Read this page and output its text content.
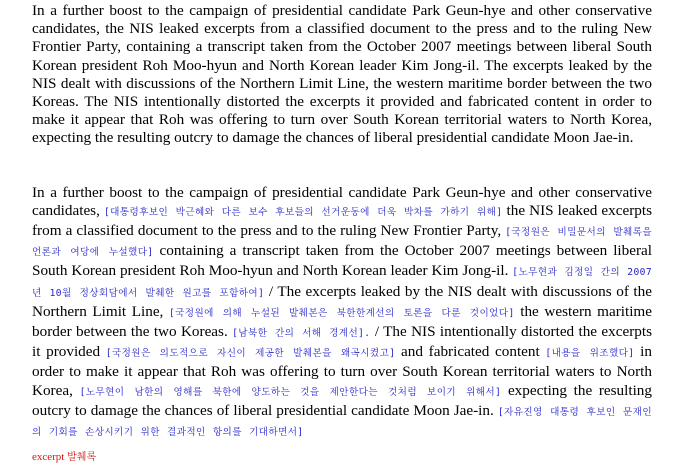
In a further boost to the campaign of presidential candidate Park Geun-hye and other conservative candidates, the NIS leaked excerpts from a classified document to the press and to the ruling New Frontier Party, containing a transcript taken from the October 2007 meetings between liberal South Korean president Roh Moo-hyun and North Korean leader Kim Jong-il. The excerpts leaked by the NIS dealt with discussions of the Northern Limit Line, the western maritime border between the two Koreas. The NIS intentionally distorted the excerpts it provided and fabricated content in order to make it appear that Roh was offering to turn over South Korean territorial waters to North Korea, expecting the resulting outcry to damage the chances of liberal presidential candidate Moon Jae-in.

In a further boost to the campaign of presidential candidate Park Geun-hye and other conservative candidates, [대통령후보인 박근혜와 다른 보수 후보들의 선거운동에 더욱 박차를 가하기 위해] the NIS leaked excerpts from a classified document to the press and to the ruling New Frontier Party, [국정원은 비밀문서의 발췌록을 언론과 여당에 누설했다] containing a transcript taken from the October 2007 meetings between liberal South Korean president Roh Moo-hyun and North Korean leader Kim Jong-il. [노무현과 김정일 간의 2007년 10월 정상회담에서 발췌한 원고를 포함하여] / The excerpts leaked by the NIS dealt with discussions of the Northern Limit Line, [국정원에 의해 누설된 발췌본은 북한한계선의 토론을 다룬 것이었다] the western maritime border between the two Koreas. [남북한 간의 서해 경계선]. / The NIS intentionally distorted the excerpts it provided [국정원은 의도적으로 자신이 제공한 발췌본을 왜곡시켰고] and fabricated content [내용을 위조했다] in order to make it appear that Roh was offering to turn over South Korean territorial waters to North Korea, [노무현이 남한의 영해를 북한에 양도하는 것을 제안한다는 것처럼 보이기 위해서] expecting the resulting outcry to damage the chances of liberal presidential candidate Moon Jae-in. [자유진영 대통령 후보인 문재인의 기회를 손상시키기 위한 결과적인 항의를 기대하면서]

excerpt 발췌록
